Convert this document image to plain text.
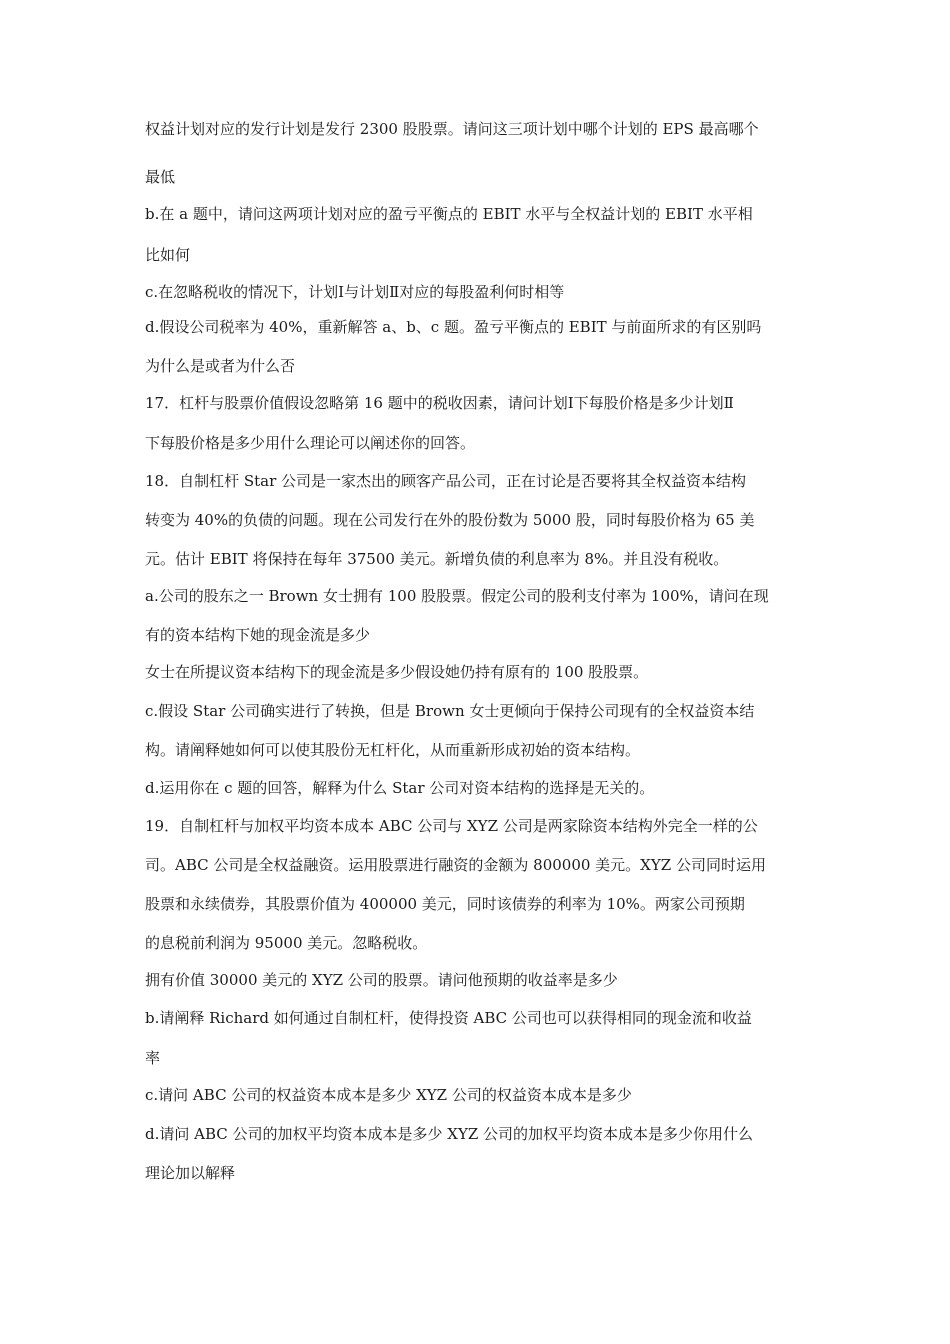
权益计划对应的发行计划是发行 2300 股股票。请问这三项计划中哪个计划的 EPS 最高哪个
最低
b.在 a 题中，请问这两项计划对应的盈亏平衡点的 EBIT 水平与全权益计划的 EBIT 水平相
比如何
c.在忽略税收的情况下，计划Ⅰ与计划Ⅱ对应的每股盈利何时相等
d.假设公司税率为 40%，重新解答 a、b、c 题。盈亏平衡点的 EBIT 与前面所求的有区别吗
为什么是或者为什么否
17．杠杆与股票价值假设忽略第 16 题中的税收因素，请问计划Ⅰ下每股价格是多少计划Ⅱ
下每股价格是多少用什么理论可以阐述你的回答。
18．自制杠杆 Star 公司是一家杰出的顾客产品公司，正在讨论是否要将其全权益资本结构
转变为 40%的负债的问题。现在公司发行在外的股份数为 5000 股，同时每股价格为 65 美
元。估计 EBIT 将保持在每年 37500 美元。新增负债的利息率为 8%。并且没有税收。
a.公司的股东之一 Brown 女士拥有 100 股股票。假定公司的股利支付率为 100%，请问在现
有的资本结构下她的现金流是多少
女士在所提议资本结构下的现金流是多少假设她仍持有原有的 100 股股票。
c.假设 Star 公司确实进行了转换，但是 Brown 女士更倾向于保持公司现有的全权益资本结
构。请阐释她如何可以使其股份无杠杆化，从而重新形成初始的资本结构。
d.运用你在 c 题的回答，解释为什么 Star 公司对资本结构的选择是无关的。
19．自制杠杆与加权平均资本成本 ABC 公司与 XYZ 公司是两家除资本结构外完全一样的公
司。ABC 公司是全权益融资。运用股票进行融资的金额为 800000 美元。XYZ 公司同时运用
股票和永续债券，其股票价值为 400000 美元，同时该债券的利率为 10%。两家公司预期
的息税前利润为 95000 美元。忽略税收。
拥有价值 30000 美元的 XYZ 公司的股票。请问他预期的收益率是多少
b.请阐释 Richard 如何通过自制杠杆，使得投资 ABC 公司也可以获得相同的现金流和收益
率
c.请问 ABC 公司的权益资本成本是多少 XYZ 公司的权益资本成本是多少
d.请问 ABC 公司的加权平均资本成本是多少 XYZ 公司的加权平均资本成本是多少你用什么
理论加以解释
